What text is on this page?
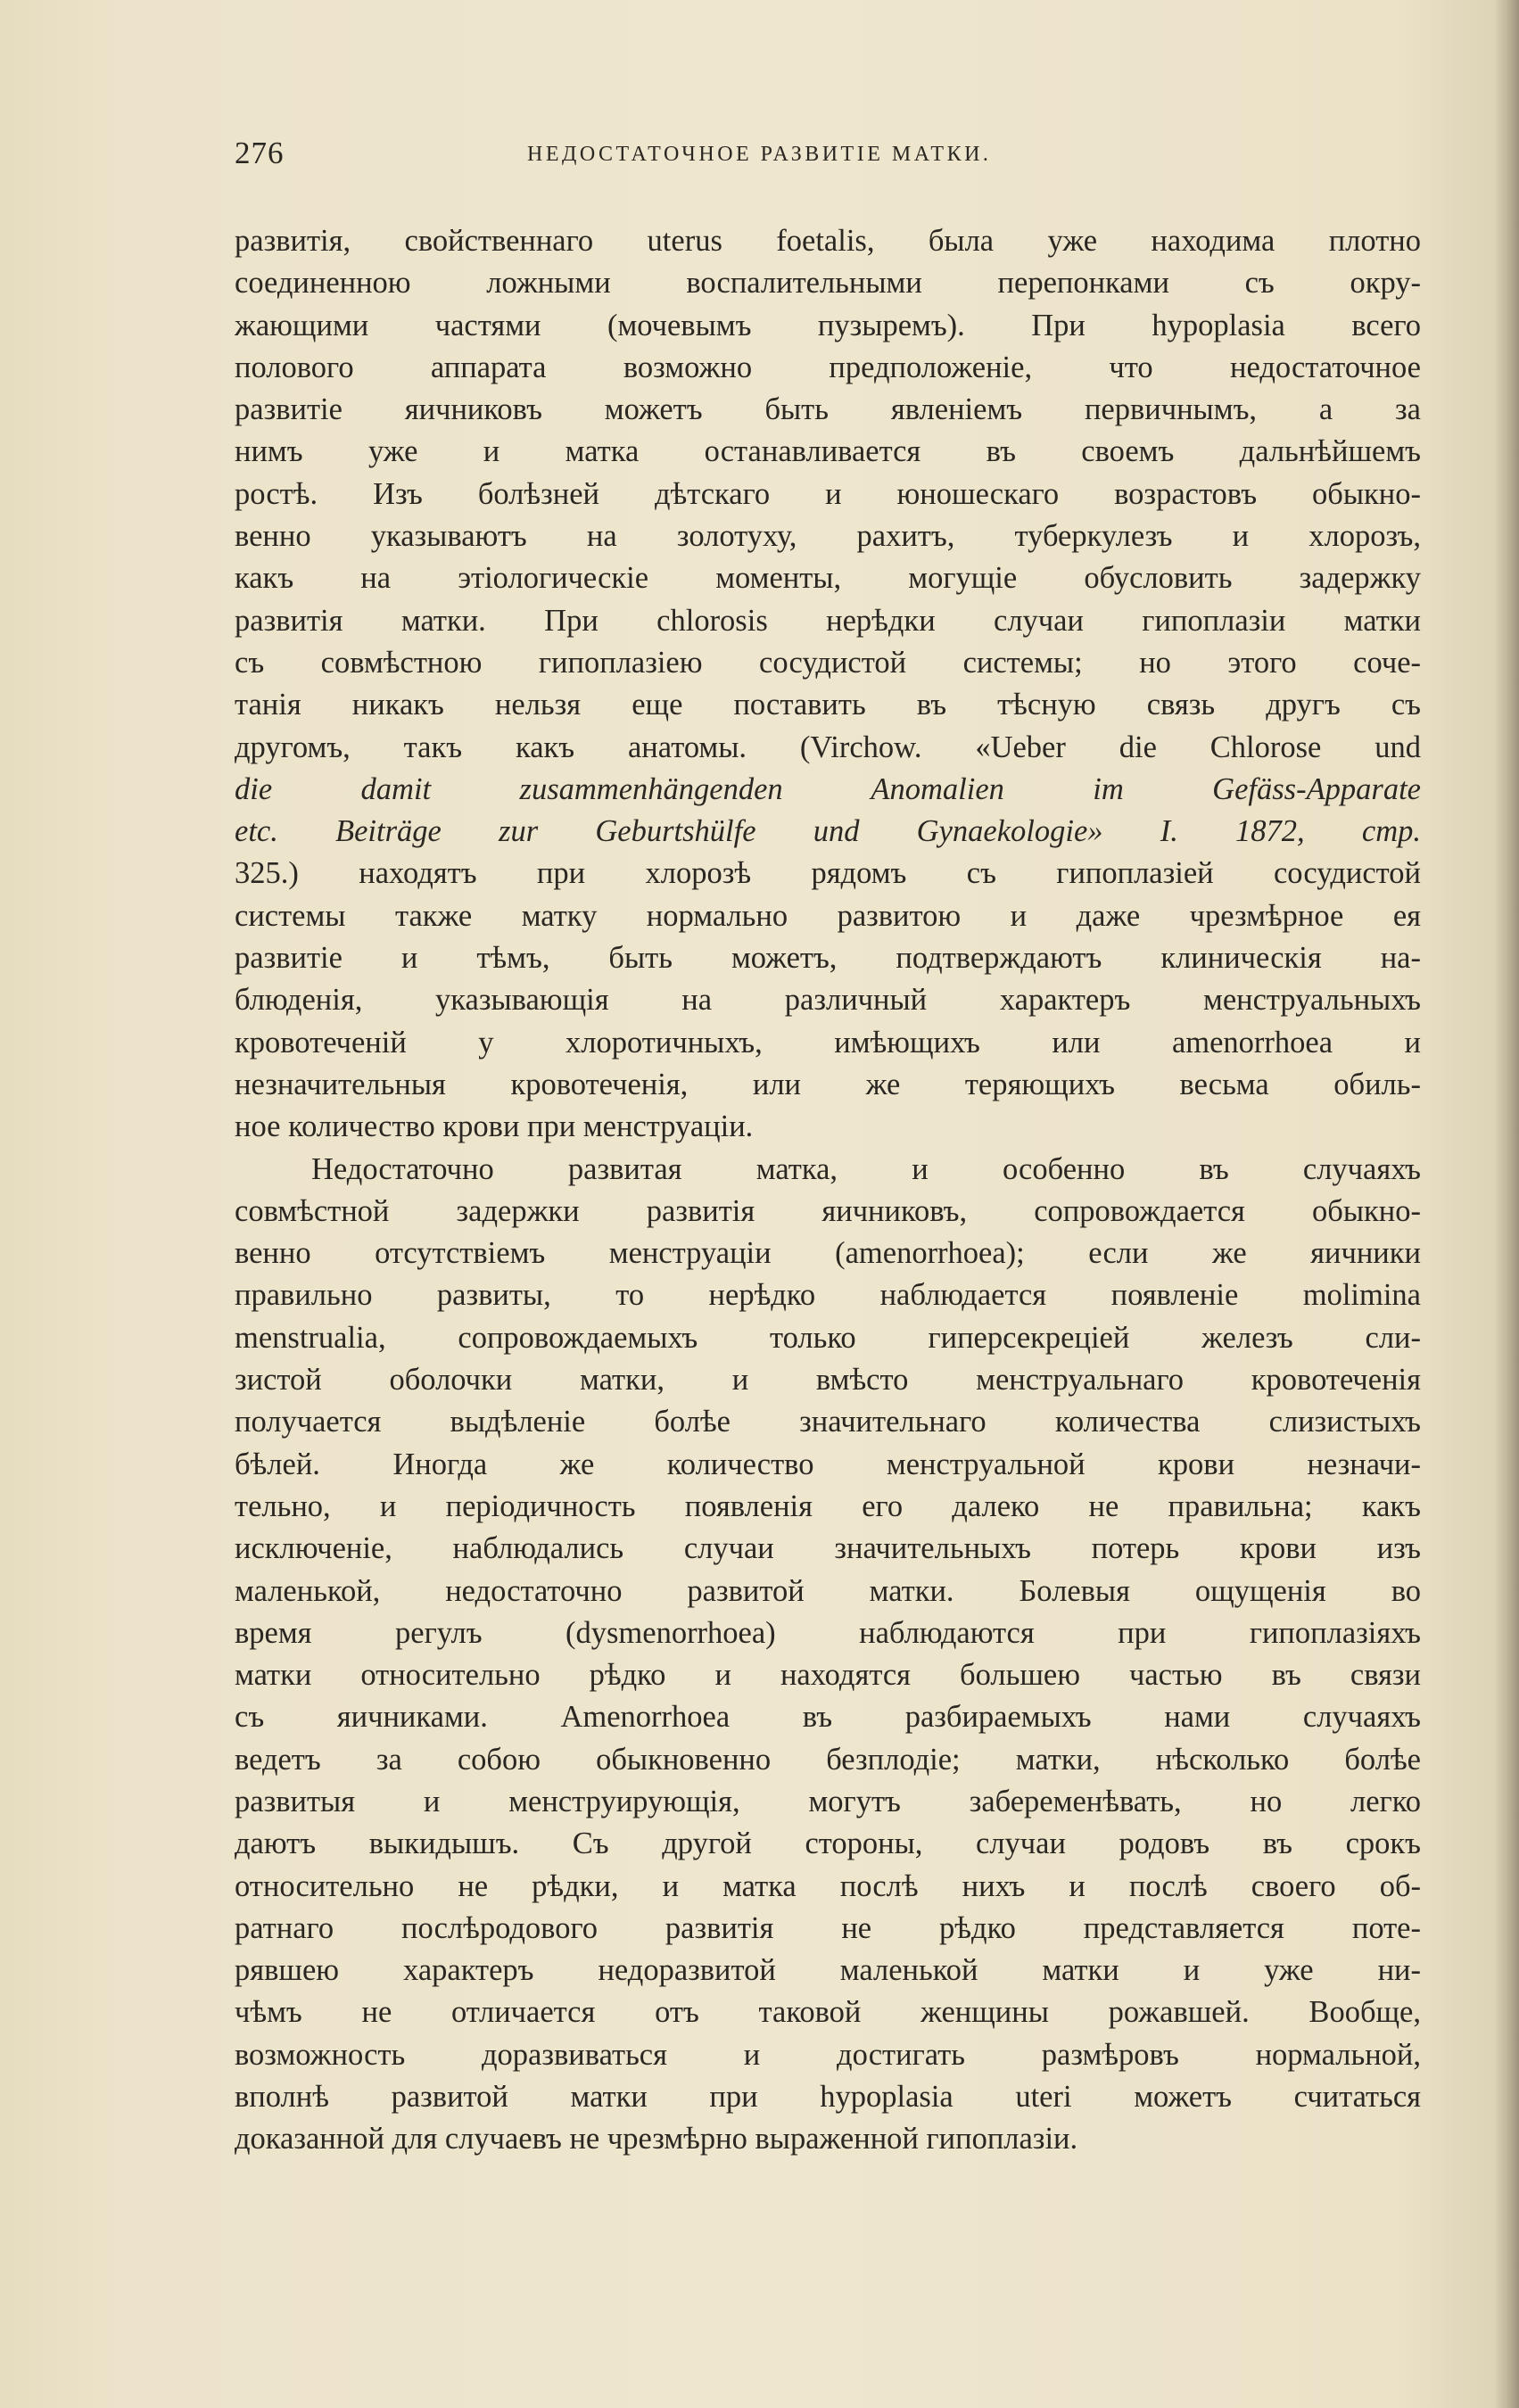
276	НЕДОСТАТОЧНОЕ РАЗВИТІЕ МАТКИ.
развитія, свойственнаго uterus foetalis, была уже находима плотно
соединенною ложными воспалительными перепонками съ окру-
жающими частями (мочевымъ пузыремъ). При hypoplasia всего
полового аппарата возможно предположеніе, что недостаточное
развитіе яичниковъ можетъ быть явленіемъ первичнымъ, а за
нимъ уже и матка останавливается въ своемъ дальнѣйшемъ
ростѣ. Изъ болѣзней дѣтскаго и юношескаго возрастовъ обыкно-
венно указываютъ на золотуху, рахитъ, туберкулезъ и хлорозъ,
какъ на этіологическіе моменты, могущіе обусловить задержку
развитія матки. При chlorosis нерѣдки случаи гипоплазіи матки
съ совмѣстною гипоплазіею сосудистой системы; но этого соче-
танія никакъ нельзя еще поставить въ тѣсную связь другъ съ
другомъ, такъ какъ анатомы. (Virchow. «Ueber die Chlorose und
die damit zusammenhängenden Anomalien im Gefäss-Apparate
etc. Beiträge zur Geburtshülfe und Gynaekologie» I. 1872, стр.
325.) находятъ при хлорозѣ рядомъ съ гипоплазіей сосудистой
системы также матку нормально развитою и даже чрезмѣрное ея
развитіе и тѣмъ, быть можетъ, подтверждаютъ клиническія на-
блюденія, указывающія на различный характеръ менструальныхъ
кровотеченій у хлоротичныхъ, имѣющихъ или amenorrhoea и
незначительныя кровотеченія, или же теряющихъ весьма обиль-
ное количество крови при менструаціи.
Недостаточно развитая матка, и особенно въ случаяхъ
совмѣстной задержки развитія яичниковъ, сопровождается обыкно-
венно отсутствіемъ менструаціи (amenorrhoea); если же яичники
правильно развиты, то нерѣдко наблюдается появленіе molimina
menstrualia, сопровождаемыхъ только гиперсекреціей железъ сли-
зистой оболочки матки, и вмѣсто менструальнаго кровотеченія
получается выдѣленіе болѣе значительнаго количества слизистыхъ
бѣлей. Иногда же количество менструальной крови незначи-
тельно, и періодичность появленія его далеко не правильна; какъ
исключеніе, наблюдались случаи значительныхъ потерь крови изъ
маленькой, недостаточно развитой матки. Болевыя ощущенія во
время регулъ (dysmenorrhoea) наблюдаются при гипоплазіяхъ
матки относительно рѣдко и находятся большею частью въ связи
съ яичниками. Amenorrhoea въ разбираемыхъ нами случаяхъ
ведетъ за собою обыкновенно безплодіе; матки, нѣсколько болѣе
развитыя и менструирующія, могутъ забеременѣвать, но легко
даютъ выкидышъ. Съ другой стороны, случаи родовъ въ срокъ
относительно не рѣдки, и матка послѣ нихъ и послѣ своего об-
ратнаго послѣродового развитія не рѣдко представляется поте-
рявшею характеръ недоразвитой маленькой матки и уже ни-
чѣмъ не отличается отъ таковой женщины рожавшей. Вообще,
возможность доразвиваться и достигать размѣровъ нормальной,
вполнѣ развитой матки при hypoplasia uteri можетъ считаться
доказанной для случаевъ не чрезмѣрно выраженной гипоплазіи.
